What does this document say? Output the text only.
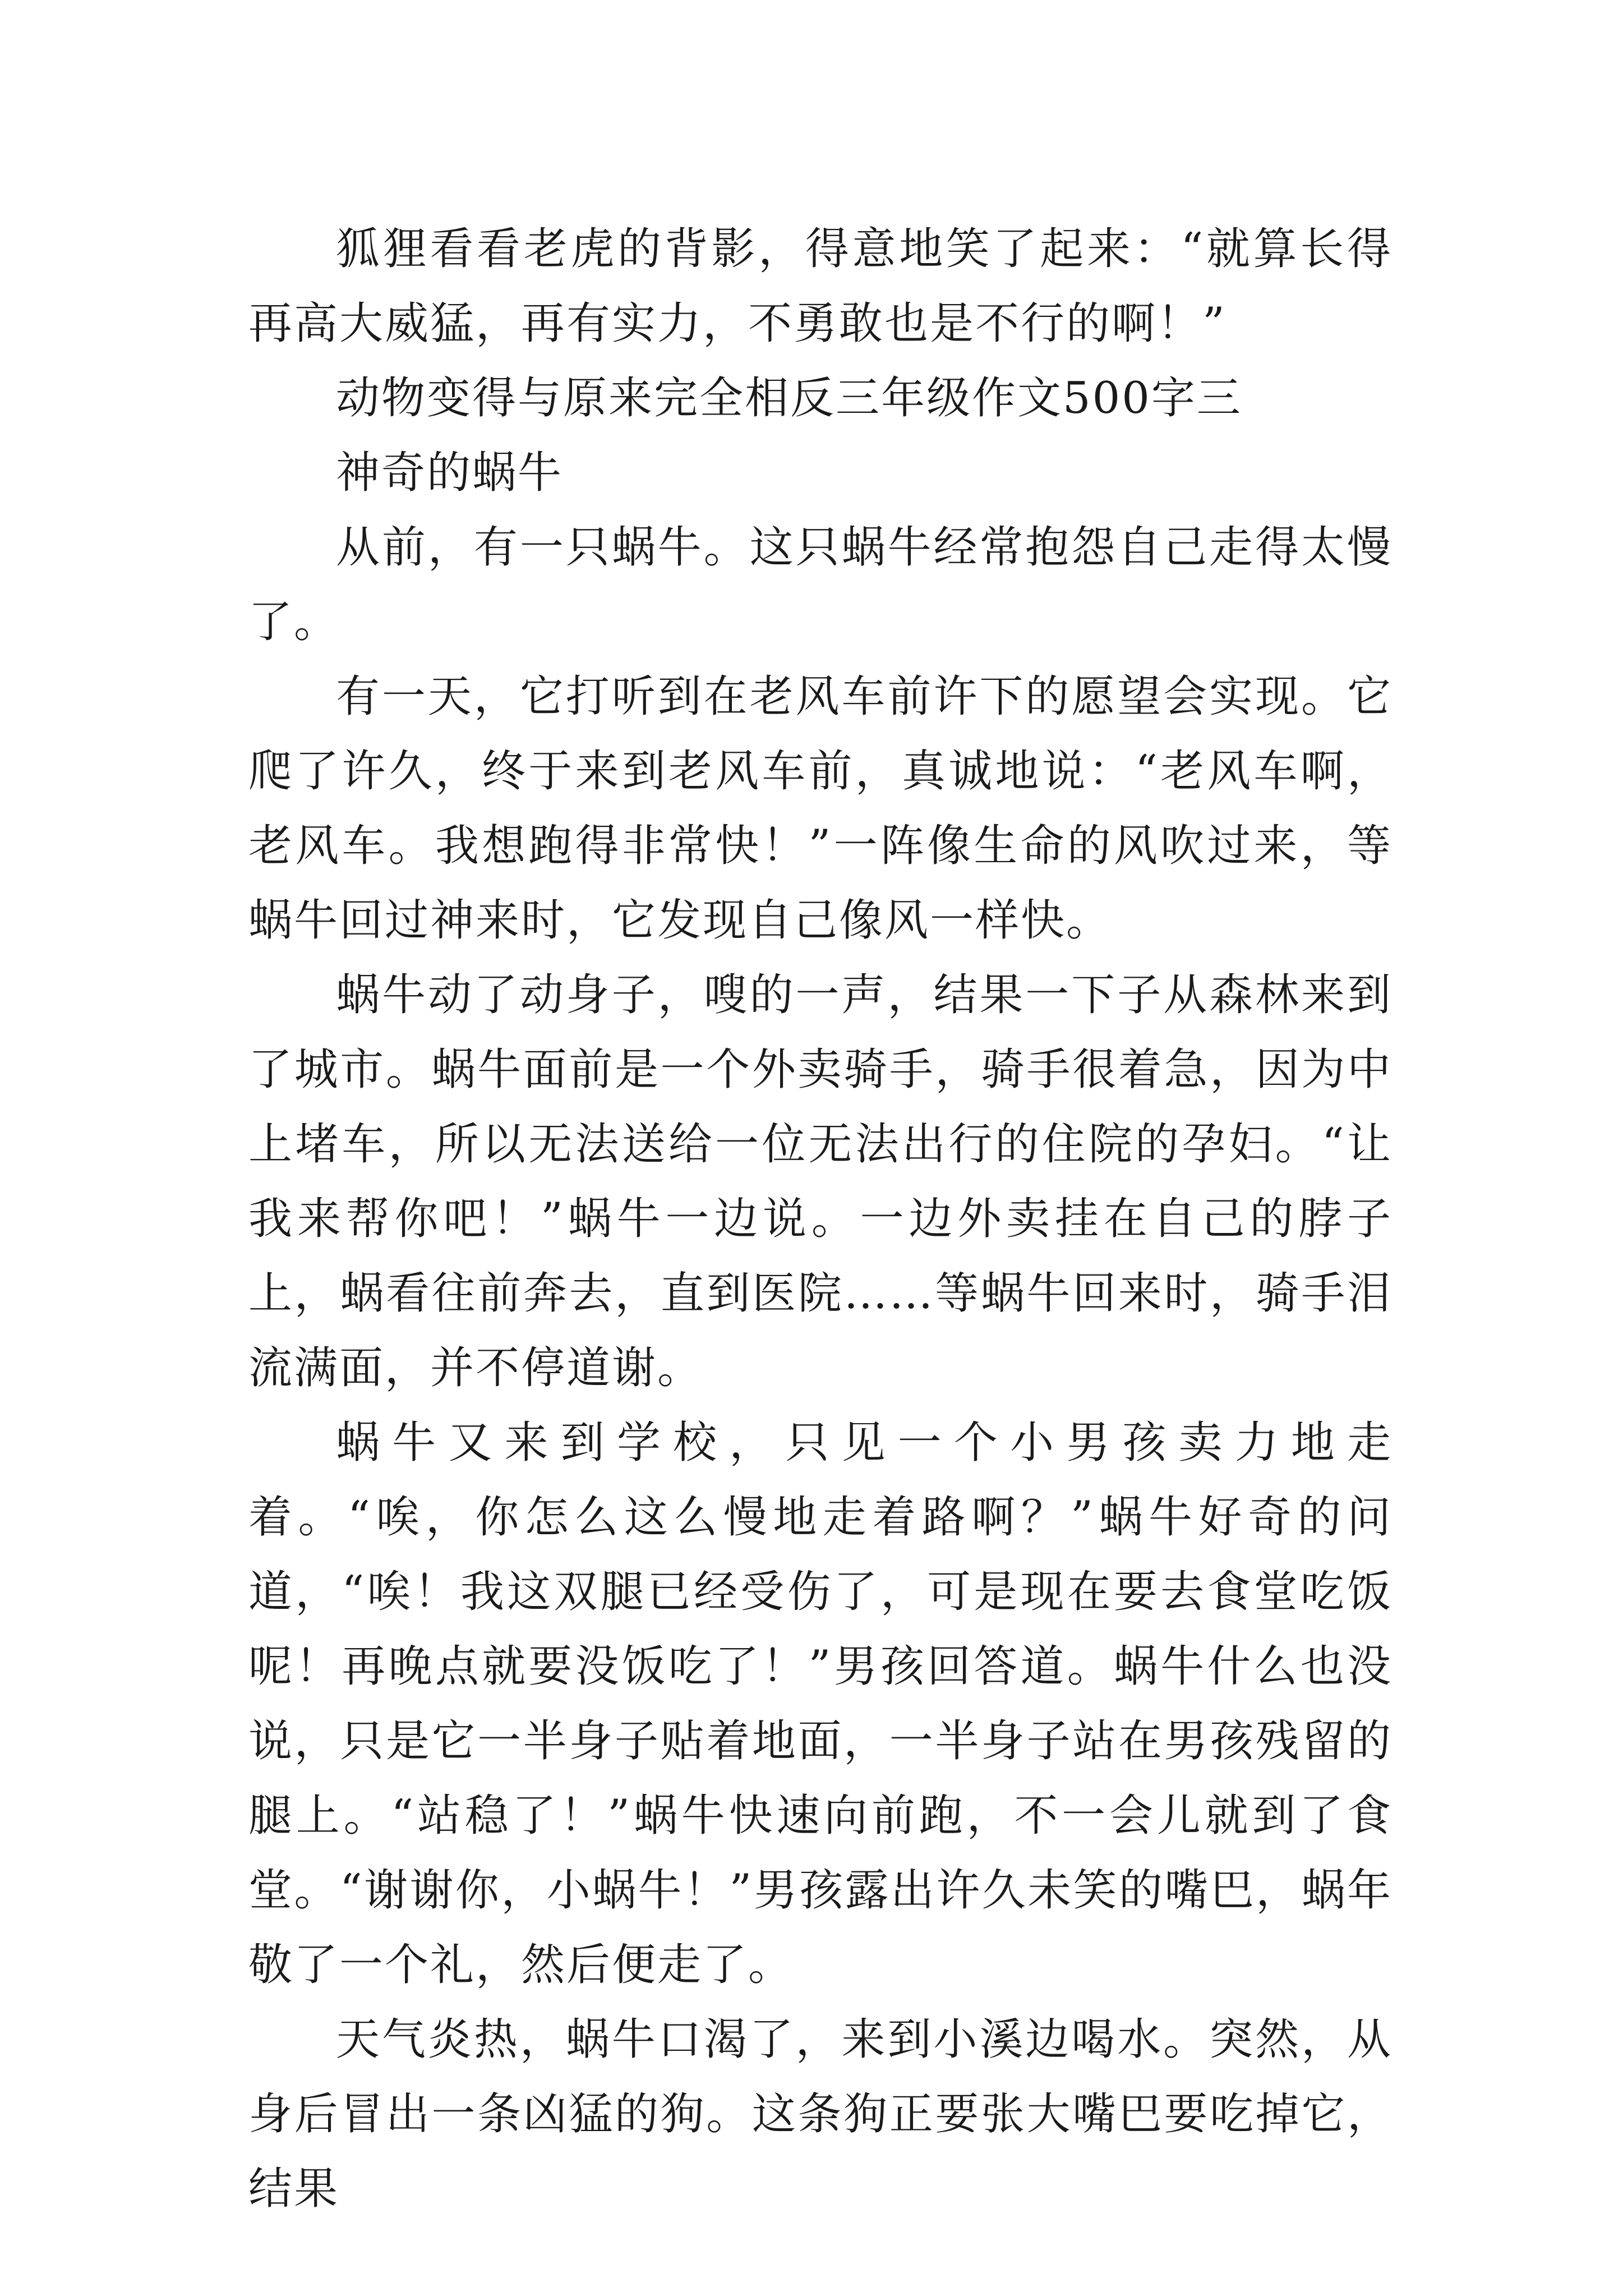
狐狸看看老虎的背影，得意地笑了起来：“就算长得再高大威猛，再有实力，不勇敢也是不行的啊！”

动物变得与原来完全相反三年级作文500字三

神奇的蜗牛

从前，有一只蜗牛。这只蜗牛经常抱怨自己走得太慢了。

有一天，它打听到在老风车前许下的愿望会实现。它爬了许久，终于来到老风车前，真诚地说：“老风车啊，老风车。我想跑得非常快！”一阵像生命的风吹过来，等蜗牛回过神来时，它发现自己像风一样快。

蜗牛动了动身子，嗖的一声，结果一下子从森林来到了城市。蜗牛面前是一个外卖骑手，骑手很着急，因为中上堵车，所以无法送给一位无法出行的住院的孕妇。“让我来帮你吧！”蜗牛一边说。一边外卖挂在自己的脖子上，蜗看往前奔去，直到医院……等蜗牛回来时，骑手泪流满面，并不停道谢。

蜗牛又来到学校，只见一个小男孩卖力地走着。“唉，你怎么这么慢地走着路啊？”蜗牛好奇的问道，“唉！我这双腿已经受伤了，可是现在要去食堂吃饭呢！再晚点就要没饭吃了！”男孩回答道。蜗牛什么也没说，只是它一半身子贴着地面，一半身子站在男孩残留的腿上。“站稳了！”蜗牛快速向前跑，不一会儿就到了食堂。“谢谢你，小蜗牛！”男孩露出许久未笑的嘴巴，蜗年敬了一个礼，然后便走了。

天气炎热，蜗牛口渴了，来到小溪边喝水。突然，从身后冒出一条凶猛的狗。这条狗正要张大嘴巴要吃掉它，结果
